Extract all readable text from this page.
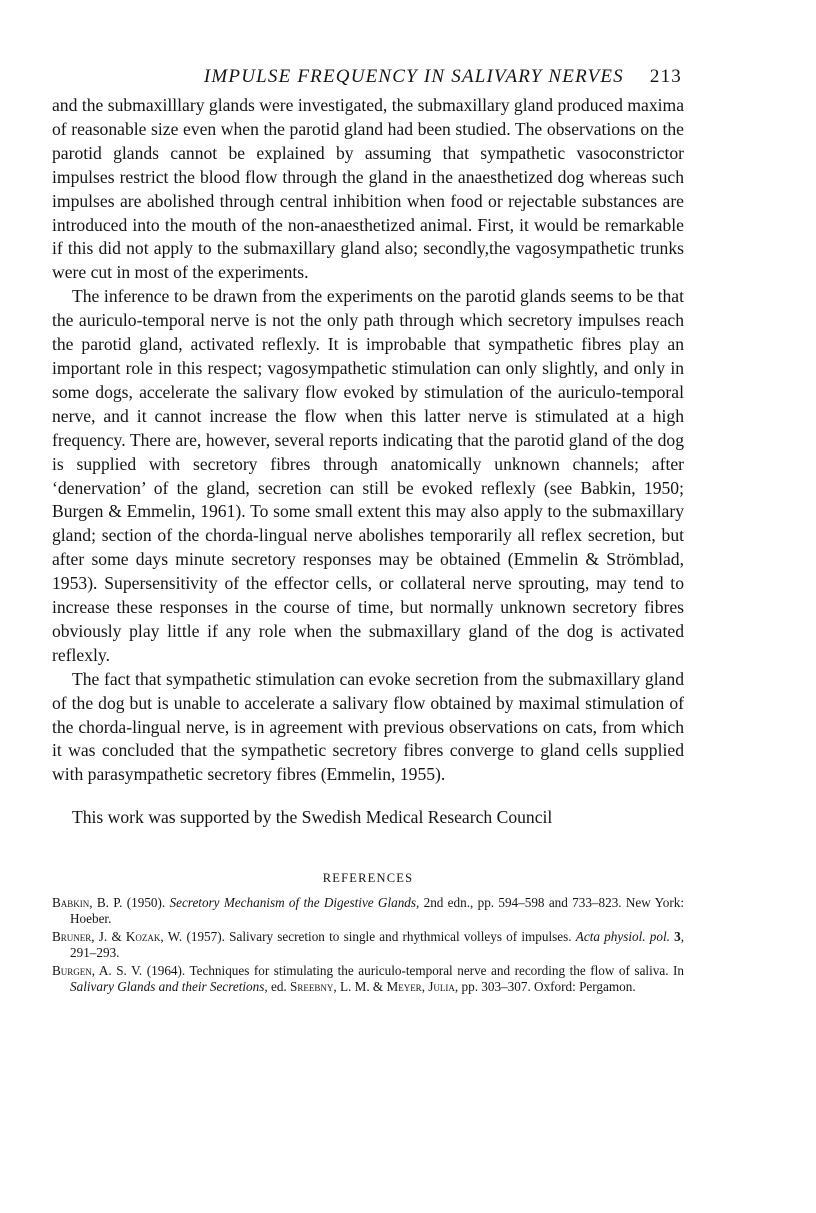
IMPULSE FREQUENCY IN SALIVARY NERVES 213

and the submaxilllary glands were investigated, the submaxillary gland produced maxima of reasonable size even when the parotid gland had been studied. The observations on the parotid glands cannot be explained by assuming that sympathetic vasoconstrictor impulses restrict the blood flow through the gland in the anaesthetized dog whereas such impulses are abolished through central inhibition when food or rejectable substances are introduced into the mouth of the non-anaesthetized animal. First, it would be remarkable if this did not apply to the submaxillary gland also; secondly,the vagosympathetic trunks were cut in most of the experiments.

The inference to be drawn from the experiments on the parotid glands seems to be that the auriculo-temporal nerve is not the only path through which secretory impulses reach the parotid gland, activated reflexly. It is improbable that sympathetic fibres play an important role in this respect; vagosympathetic stimulation can only slightly, and only in some dogs, accelerate the salivary flow evoked by stimulation of the auriculo-temporal nerve, and it cannot increase the flow when this latter nerve is stimulated at a high frequency. There are, however, several reports indicating that the parotid gland of the dog is supplied with secretory fibres through anatomically unknown channels; after ‘denervation’ of the gland, secretion can still be evoked reflexly (see Babkin, 1950; Burgen & Emmelin, 1961). To some small extent this may also apply to the submaxillary gland; section of the chorda-lingual nerve abolishes temporarily all reflex secretion, but after some days minute secretory responses may be obtained (Emmelin & Strömblad, 1953). Supersensitivity of the effector cells, or collateral nerve sprouting, may tend to increase these responses in the course of time, but normally unknown secretory fibres obviously play little if any role when the submaxillary gland of the dog is activated reflexly.

The fact that sympathetic stimulation can evoke secretion from the submaxillary gland of the dog but is unable to accelerate a salivary flow obtained by maximal stimulation of the chorda-lingual nerve, is in agreement with previous observations on cats, from which it was concluded that the sympathetic secretory fibres converge to gland cells supplied with parasympathetic secretory fibres (Emmelin, 1955).

This work was supported by the Swedish Medical Research Council

REFERENCES
Babkin, B. P. (1950). Secretory Mechanism of the Digestive Glands, 2nd edn., pp. 594–598 and 733–823. New York: Hoeber.
Bruner, J. & Kozak, W. (1957). Salivary secretion to single and rhythmical volleys of impulses. Acta physiol. pol. 3, 291–293.
Burgen, A. S. V. (1964). Techniques for stimulating the auriculo-temporal nerve and recording the flow of saliva. In Salivary Glands and their Secretions, ed. Sreebny, L. M. & Meyer, Julia, pp. 303–307. Oxford: Pergamon.
